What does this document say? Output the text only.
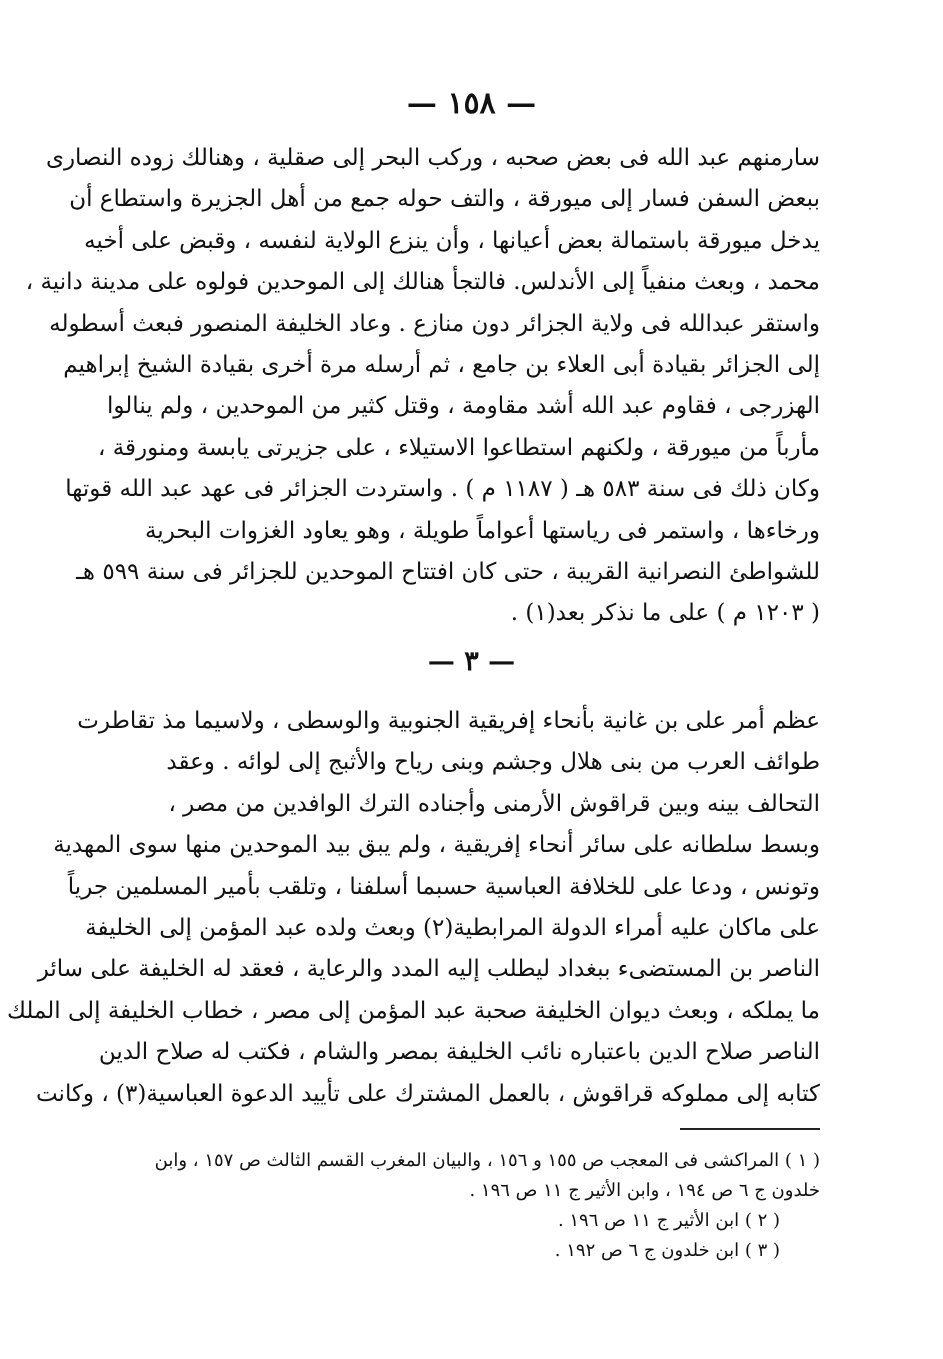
— ١٥٨ —
سارمنهم عبد الله فى بعض صحبه ، وركب البحر إلى صقلية ، وهنالك زوده النصارى
ببعض السفن فسار إلى ميورقة ، والتف حوله جمع من أهل الجزيرة واستطاع أن
يدخل ميورقة باستمالة بعض أعيانها ، وأن ينزع الولاية لنفسه ، وقبض على أخيه
محمد ، وبعث منفياً إلى الأندلس. فالتجأ هنالك إلى الموحدين فولوه على مدينة دانية ،
واستقر عبدالله فى ولاية الجزائر دون منازع . وعاد الخليفة المنصور فبعث أسطوله
إلى الجزائر بقيادة أبى العلاء بن جامع ، ثم أرسله مرة أخرى بقيادة الشيخ إبراهيم
الهزرجى ، فقاوم عبد الله أشد مقاومة ، وقتل كثير من الموحدين ، ولم ينالوا
مأرباً من ميورقة ، ولكنهم استطاعوا الاستيلاء ، على جزيرتى يابسة ومنورقة ،
وكان ذلك فى سنة ٥٨٣ هـ ( ١١٨٧ م ) . واستردت الجزائر فى عهد عبد الله قوتها
ورخاءها ، واستمر فى رياستها أعواماً طويلة ، وهو يعاود الغزوات البحرية
للشواطئ النصرانية القريبة ، حتى كان افتتاح الموحدين للجزائر فى سنة ٥٩٩ هـ
( ١٢٠٣ م ) على ما نذكر بعد(١) .
— ٣ —
عظم أمر على بن غانية بأنحاء إفريقية الجنوبية والوسطى ، ولاسيما مذ تقاطرت
طوائف العرب من بنى هلال وجشم وبنى رياح والأثبج إلى لوائه . وعقد
التحالف بينه وبين قراقوش الأرمنى وأجناده الترك الوافدين من مصر ،
وبسط سلطانه على سائر أنحاء إفريقية ، ولم يبق بيد الموحدين منها سوى المهدية
وتونس ، ودعا على للخلافة العباسية حسبما أسلفنا ، وتلقب بأمير المسلمين جرياً
على ماكان عليه أمراء الدولة المرابطية(٢) وبعث ولده عبد المؤمن إلى الخليفة
الناصر بن المستضىء ببغداد ليطلب إليه المدد والرعاية ، فعقد له الخليفة على سائر
ما يملكه ، وبعث ديوان الخليفة صحبة عبد المؤمن إلى مصر ، خطاب الخليفة إلى الملك
الناصر صلاح الدين باعتباره نائب الخليفة بمصر والشام ، فكتب له صلاح الدين
كتابه إلى مملوكه قراقوش ، بالعمل المشترك على تأييد الدعوة العباسية(٣) ، وكانت
( ١ ) المراكشى فى المعجب ص ١٥٥ و ١٥٦ ، والبيان المغرب القسم الثالث ص ١٥٧ ، وابن
خلدون ج ٦ ص ١٩٤ ، وابن الأثير ج ١١ ص ١٩٦ .
( ٢ ) ابن الأثير ج ١١ ص ١٩٦ .
( ٣ ) ابن خلدون ج ٦ ص ١٩٢ .
